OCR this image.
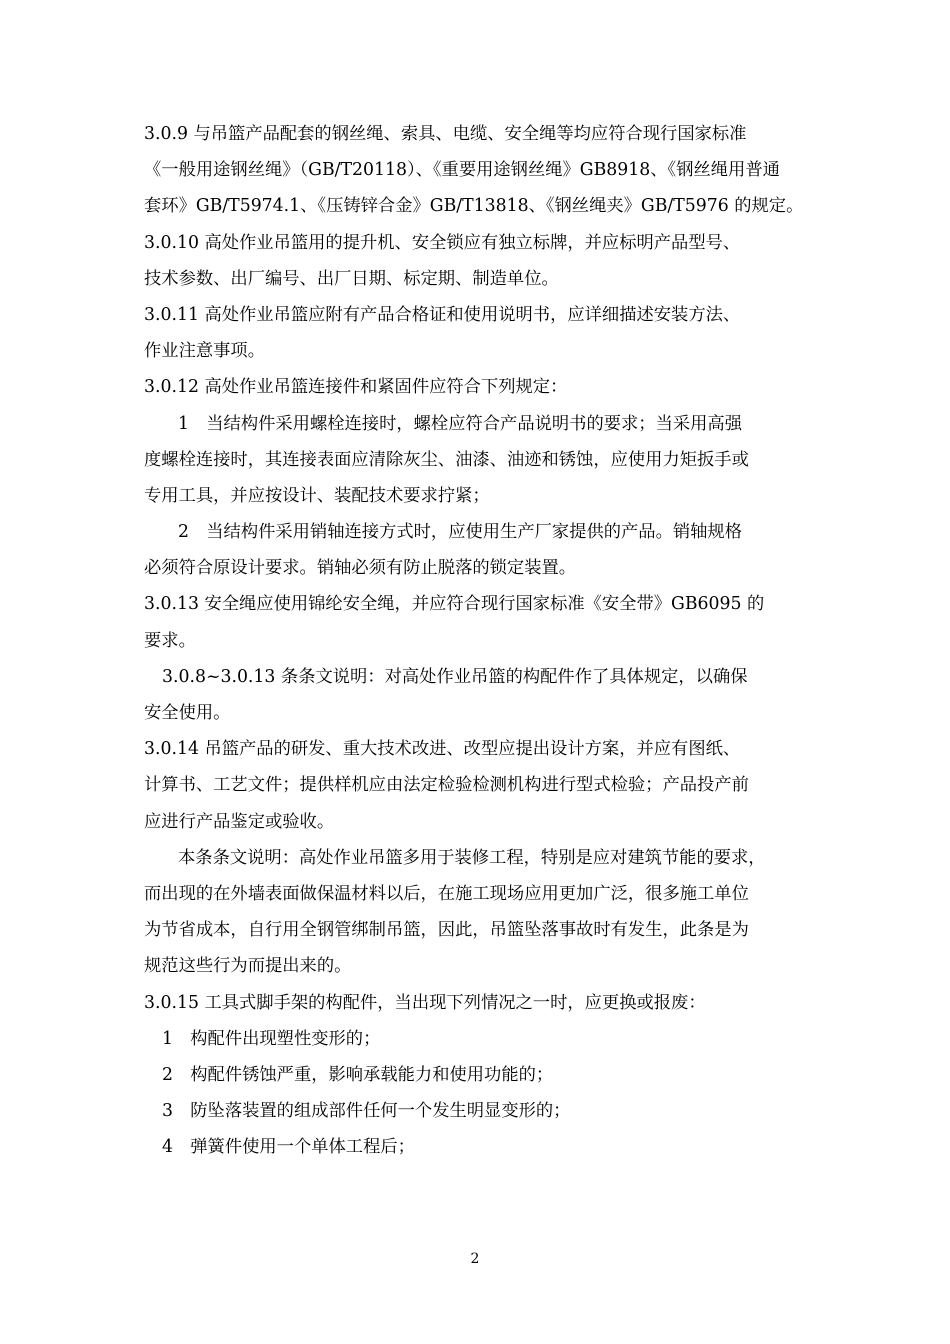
3.0.9 与吊篮产品配套的钢丝绳、索具、电缆、安全绳等均应符合现行国家标准
《一般用途钢丝绳》（GB/T20118）、《重要用途钢丝绳》GB8918、《钢丝绳用普通
套环》GB/T5974.1、《压铸锌合金》GB/T13818、《钢丝绳夹》GB/T5976 的规定。
3.0.10 高处作业吊篮用的提升机、安全锁应有独立标牌，并应标明产品型号、
技术参数、出厂编号、出厂日期、标定期、制造单位。
3.0.11 高处作业吊篮应附有产品合格证和使用说明书，应详细描述安装方法、
作业注意事项。
3.0.12 高处作业吊篮连接件和紧固件应符合下列规定：
1　当结构件采用螺栓连接时，螺栓应符合产品说明书的要求；当采用高强
度螺栓连接时，其连接表面应清除灰尘、油漆、油迹和锈蚀，应使用力矩扳手或
专用工具，并应按设计、装配技术要求拧紧；
2　当结构件采用销轴连接方式时，应使用生产厂家提供的产品。销轴规格
必须符合原设计要求。销轴必须有防止脱落的锁定装置。
3.0.13 安全绳应使用锦纶安全绳，并应符合现行国家标准《安全带》GB6095 的
要求。
3.0.8~3.0.13 条条文说明：对高处作业吊篮的构配件作了具体规定，以确保
安全使用。
3.0.14 吊篮产品的研发、重大技术改进、改型应提出设计方案，并应有图纸、
计算书、工艺文件；提供样机应由法定检验检测机构进行型式检验；产品投产前
应进行产品鉴定或验收。
本条条文说明：高处作业吊篮多用于装修工程，特别是应对建筑节能的要求，
而出现的在外墙表面做保温材料以后，在施工现场应用更加广泛，很多施工单位
为节省成本，自行用全钢管绑制吊篮，因此，吊篮坠落事故时有发生，此条是为
规范这些行为而提出来的。
3.0.15 工具式脚手架的构配件，当出现下列情况之一时，应更换或报废：
1　构配件出现塑性变形的；
2　构配件锈蚀严重，影响承载能力和使用功能的；
3　防坠落装置的组成部件任何一个发生明显变形的；
4　弹簧件使用一个单体工程后；
2
